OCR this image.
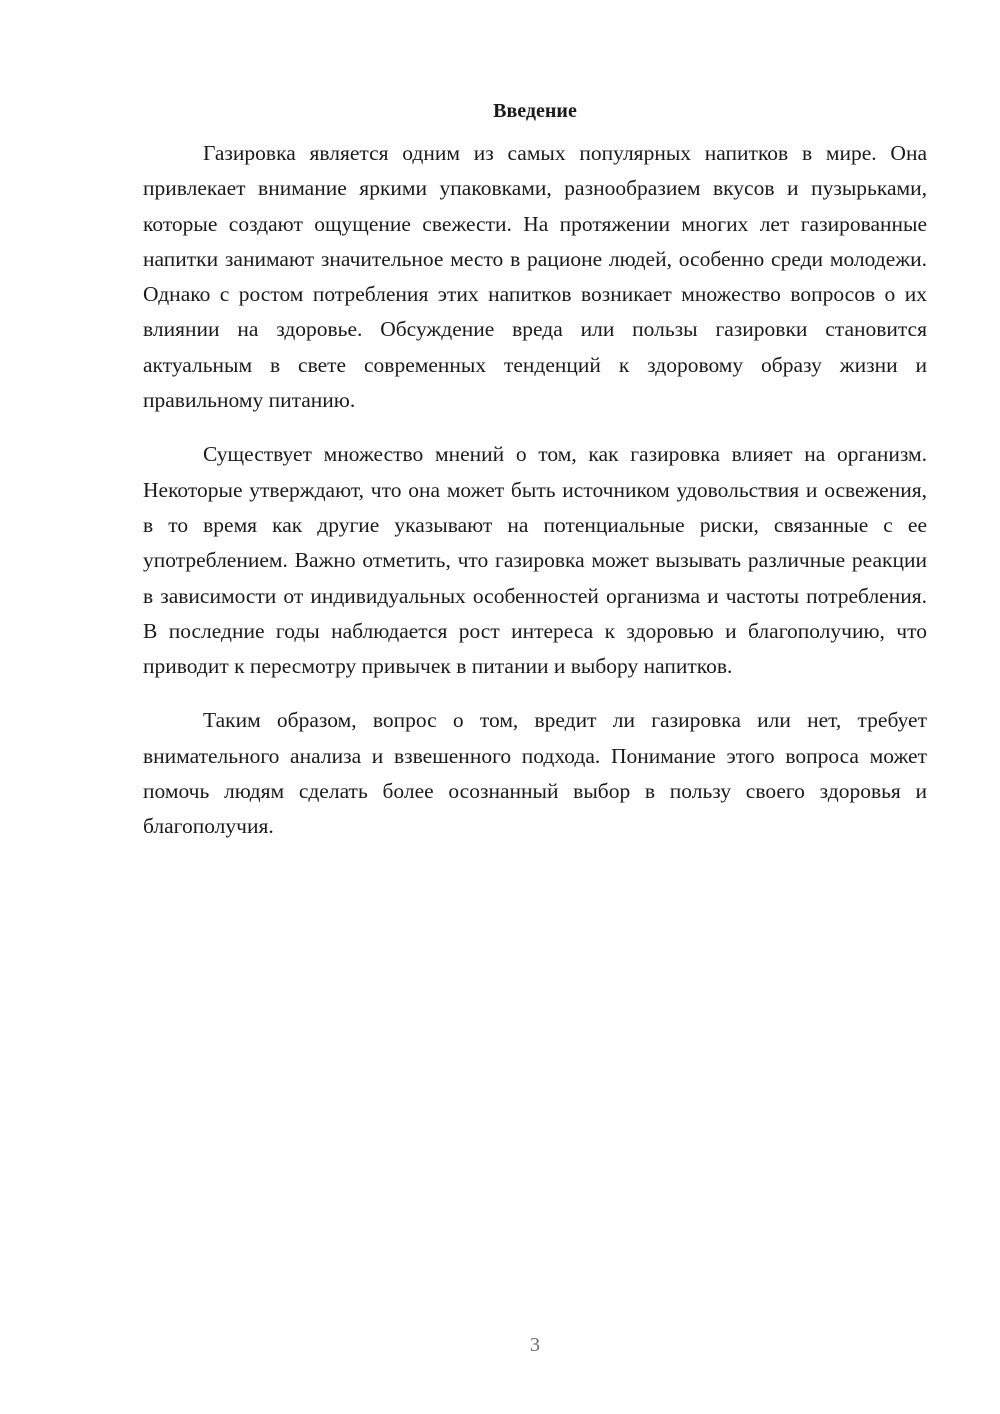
Введение

Газировка является одним из самых популярных напитков в мире. Она привлекает внимание яркими упаковками, разнообразием вкусов и пузырьками, которые создают ощущение свежести. На протяжении многих лет газированные напитки занимают значительное место в рационе людей, особенно среди молодежи. Однако с ростом потребления этих напитков возникает множество вопросов о их влиянии на здоровье. Обсуждение вреда или пользы газировки становится актуальным в свете современных тенденций к здоровому образу жизни и правильному питанию.

Существует множество мнений о том, как газировка влияет на организм. Некоторые утверждают, что она может быть источником удовольствия и освежения, в то время как другие указывают на потенциальные риски, связанные с ее употреблением. Важно отметить, что газировка может вызывать различные реакции в зависимости от индивидуальных особенностей организма и частоты потребления. В последние годы наблюдается рост интереса к здоровью и благополучию, что приводит к пересмотру привычек в питании и выбору напитков.

Таким образом, вопрос о том, вредит ли газировка или нет, требует внимательного анализа и взвешенного подхода. Понимание этого вопроса может помочь людям сделать более осознанный выбор в пользу своего здоровья и благополучия.

3
